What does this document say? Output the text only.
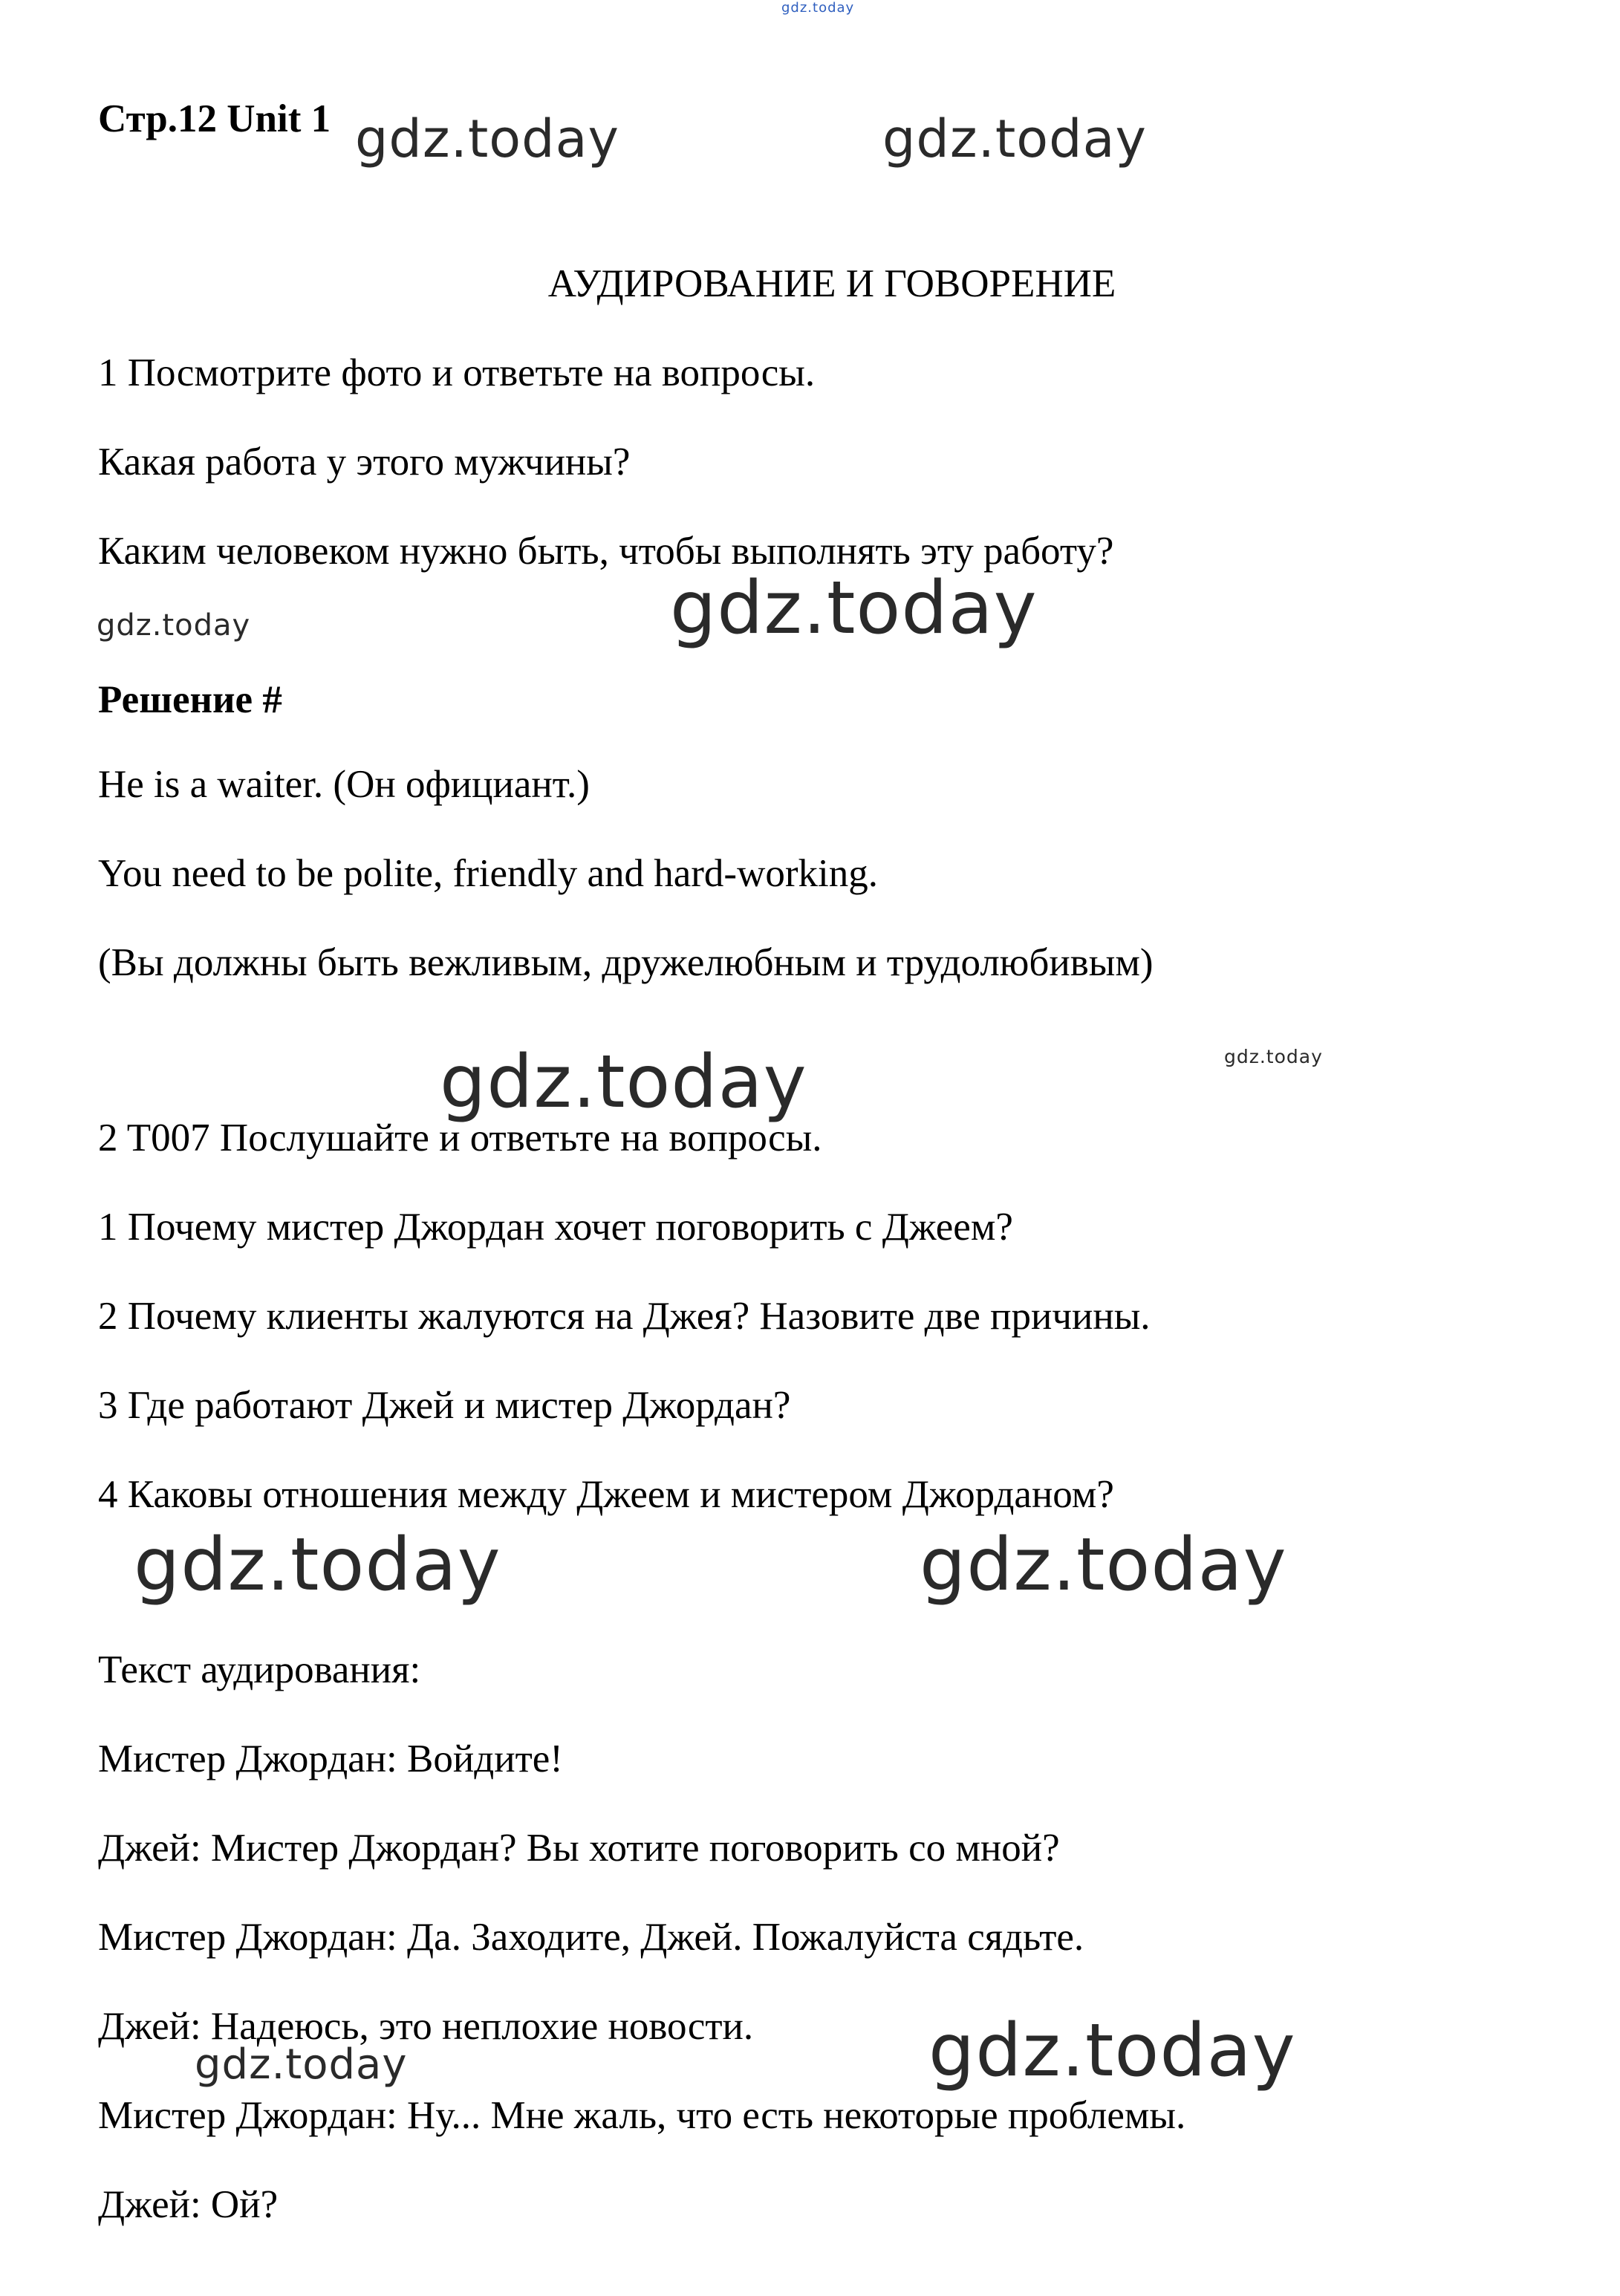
gdz.today
gdz.today	gdz.today
gdz.today	gdz.today
gdz.today
gdz.today
gdz.today	gdz.today
gdz.today	gdz.today
Стр.12 Unit 1
АУДИРОВАНИЕ И ГОВОРЕНИЕ
1 Посмотрите фото и ответьте на вопросы.
Какая работа у этого мужчины?
Каким человеком нужно быть, чтобы выполнять эту работу?
Решение #
He is a waiter. (Он официант.)
You need to be polite, friendly and hard-working.
(Вы должны быть вежливым, дружелюбным и трудолюбивым)
2 T007 Послушайте и ответьте на вопросы.
1 Почему мистер Джордан хочет поговорить с Джеем?
2 Почему клиенты жалуются на Джея? Назовите две причины.
3 Где работают Джей и мистер Джордан?
4 Каковы отношения между Джеем и мистером Джорданом?
Текст аудирования:
Мистер Джордан: Войдите!
Джей: Мистер Джордан? Вы хотите поговорить со мной?
Мистер Джордан: Да. Заходите, Джей. Пожалуйста сядьте.
Джей: Надеюсь, это неплохие новости.
Мистер Джордан: Ну... Мне жаль, что есть некоторые проблемы.
Джей: Ой?
